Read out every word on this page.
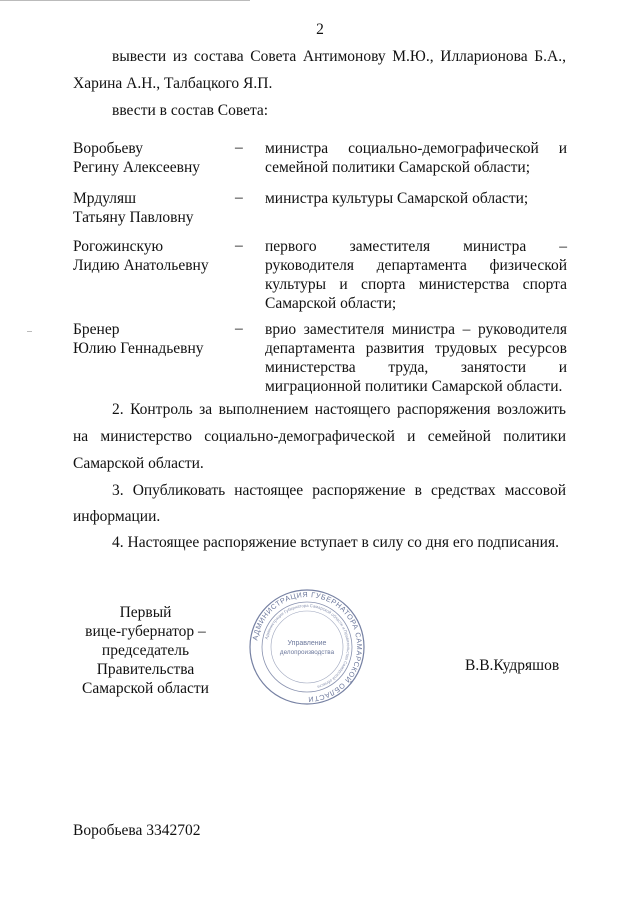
2
вывести из состава Совета Антимонову М.Ю., Илларионова Б.А.,
Харина А.Н., Талбацкого Я.П.
ввести в состав Совета:
Воробьеву
Регину Алексеевну
– министра социально-демографической и
семейной политики Самарской области;
Мрдуляш
Татьяну Павловну
– министра культуры Самарской области;
Рогожинскую
Лидию Анатольевну
– первого заместителя министра –
руководителя департамента физической
культуры и спорта министерства спорта
Самарской области;
Бренер
Юлию Геннадьевну
– врио заместителя министра – руководителя
департамента развития трудовых ресурсов
министерства труда, занятости и
миграционной политики Самарской области.
2. Контроль за выполнением настоящего распоряжения возложить
на министерство социально-демографической и семейной политики
Самарской области.
3. Опубликовать настоящее распоряжение в средствах массовой
информации.
4. Настоящее распоряжение вступает в силу со дня его подписания.
Первый
вице-губернатор –
председатель Правительства
Самарской области
В.В.Кудряшов
АДМИНИСТРАЦИЯ ГУБЕРНАТОРА САМАРСКОЙ ОБЛАСТИ
Администрация Губернатора Самарской области и Правительства Самарской области
Управление
делопроизводства
Воробьева 3342702
